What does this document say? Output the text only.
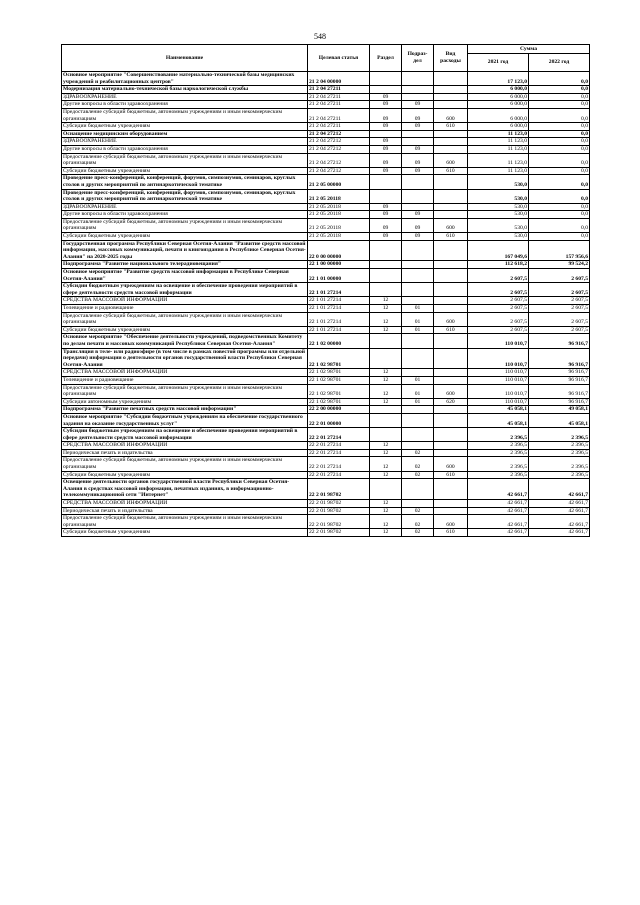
548
Наименование	Целевая статья	Раздел	Подраз-
дел	Вид расходы	Сумма	
					2021 год	2022 год
Основное мероприятие "Совершенствование материально-технической базы медицинских учреждений и реабилитационных центров"	21 2 04 00000				17 123,0	0,0
Модернизация материально-технической базы наркологической службы	21 2 04 27211				6 000,0	0,0
ЗДРАВООХРАНЕНИЕ	21 2 04 27211	09			6 000,0	0,0
Другие вопросы в области здравоохранения	21 2 04 27211	09	09		6 000,0	0,0
Предоставление субсидий бюджетным, автономным учреждениям и иным некоммерческим организациям	21 2 04 27211	09	09	600	6 000,0	0,0
Субсидии бюджетным учреждениям	21 2 04 27211	09	09	610	6 000,0	0,0
Оснащение медицинским оборудованием	21 2 04 27212				11 123,0	0,0
ЗДРАВООХРАНЕНИЕ	21 2 04 27212	09			11 123,0	0,0
Другие вопросы в области здравоохранения	21 2 04 27212	09	09		11 123,0	0,0
Предоставление субсидий бюджетным, автономным учреждениям и иным некоммерческим организациям	21 2 04 27212	09	09	600	11 123,0	0,0
Субсидии бюджетным учреждениям	21 2 04 27212	09	09	610	11 123,0	0,0
Проведение пресс-конференций, конференций, форумов, симпозиумов, семинаров, круглых столов и других мероприятий по антинаркотической тематике	21 2 05 00000				530,0	0,0
Проведение пресс-конференций, конференций, форумов, симпозиумов, семинаров, круглых столов и других мероприятий по антинаркотической тематике	21 2 05 20118				530,0	0,0
ЗДРАВООХРАНЕНИЕ	21 2 05 20118	09			530,0	0,0
Другие вопросы в области здравоохранения	21 2 05 20118	09	09		530,0	0,0
Предоставление субсидий бюджетным, автономным учреждениям и иным некоммерческим организациям	21 2 05 20118	09	09	600	530,0	0,0
Субсидии бюджетным учреждениям	21 2 05 20118	09	09	610	530,0	0,0
Государственная программа Республики Северная Осетия-Алания "Развитие средств массовой информации, массовых коммуникаций, печати и книгоиздания в Республике Северная Осетия-Алания" на 2020-2025 годы	22 0 00 00000				167 049,6	157 956,6
Подпрограмма "Развитие национального телерадиовещания"	22 1 00 00000				112 618,2	99 524,2
Основное мероприятие "Развитие средств массовой информации в Республике Северная Осетия-Алания"	22 1 01 00000				2 607,5	2 607,5
Субсидии бюджетным учреждениям на освещение и обеспечение проведения мероприятий в сфере деятельности средств массовой информации	22 1 01 27214				2 607,5	2 607,5
СРЕДСТВА МАССОВОЙ ИНФОРМАЦИИ	22 1 01 27214	12			2 607,5	2 607,5
Телевидение и радиовещание	22 1 01 27214	12	01		2 607,5	2 607,5
Предоставление субсидий бюджетным, автономным учреждениям и иным некоммерческим организациям	22 1 01 27214	12	01	600	2 607,5	2 607,5
Субсидии бюджетным учреждениям	22 1 01 27214	12	01	610	2 607,5	2 607,5
Основное мероприятие "Обеспечение деятельности учреждений, подведомственных Комитету по делам печати и массовых коммуникаций Республики Северная Осетия-Алания"	22 1 02 00000				110 010,7	96 916,7
Трансляция в теле- или радиоэфире (в том числе в рамках повестой программы или отдельной передачи) информации о деятельности органов государственной власти Республики Северная Осетия-Алания	22 1 02 98701				110 010,7	96 916,7
СРЕДСТВА МАССОВОЙ ИНФОРМАЦИИ	22 1 02 98701	12			110 010,7	96 916,7
Телевидение и радиовещание	22 1 02 98701	12	01		110 010,7	96 916,7
Предоставление субсидий бюджетным, автономным учреждениям и иным некоммерческим организациям	22 1 02 98701	12	01	600	110 010,7	96 916,7
Субсидии автономным учреждениям	22 1 02 98701	12	01	620	110 010,7	96 916,7
Подпрограмма "Развитие печатных средств массовой информации"	22 2 00 00000				45 058,1	49 058,1
Основное мероприятие "Субсидии бюджетным учреждениям на обеспечение государственного задания на оказание государственных услуг"	22 2 01 00000				45 058,1	45 058,1
Субсидии бюджетным учреждениям на освещение и обеспечение проведения мероприятий в сфере деятельности средств массовой информации	22 2 01 27214				2 396,5	2 396,5
СРЕДСТВА МАССОВОЙ ИНФОРМАЦИИ	22 2 01 27214	12			2 396,5	2 396,5
Периодическая печать и издательства	22 2 01 27214	12	02		2 396,5	2 396,5
Предоставление субсидий бюджетным, автономным учреждениям и иным некоммерческим организациям	22 2 01 27214	12	02	600	2 396,5	2 396,5
Субсидии бюджетным учреждениям	22 2 01 27214	12	02	610	2 396,5	2 396,5
Освещение деятельности органов государственной власти Республики Северная Осетия-Алания в средствах массовой информации, печатных изданиях, в информационно-телекоммуникационной сети "Интернет"	22 2 01 98702				42 661,7	42 661,7
СРЕДСТВА МАССОВОЙ ИНФОРМАЦИИ	22 2 01 98702	12			42 661,7	42 661,7
Периодическая печать и издательства	22 2 01 98702	12	02		42 661,7	42 661,7
Предоставление субсидий бюджетным, автономным учреждениям и иным некоммерческим организациям	22 2 01 98702	12	02	600	42 661,7	42 661,7
Субсидии бюджетным учреждениям	22 2 01 98702	12	02	610	42 661,7	42 661,7
